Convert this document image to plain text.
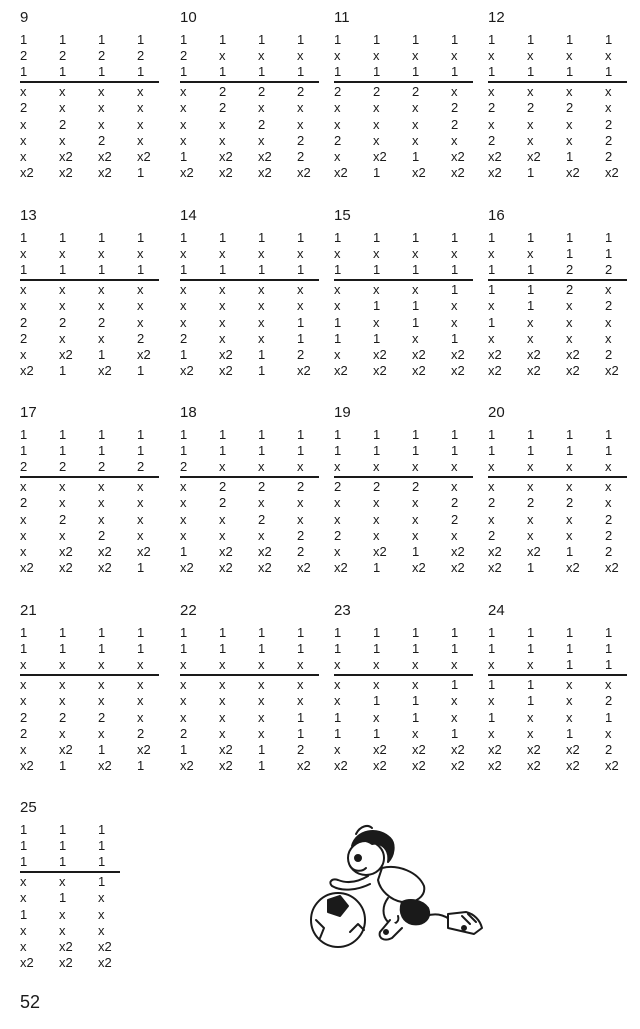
9
1	1	1	1
2	2	2	2
1	1	1	1
x	x	x	x
2	x	x	x
x	2	x	x
x	x	2	x
x	x2	x2	x2
x2	x2	x2	1
10
1	1	1	1
2	x	x	x
1	1	1	1
x	2	2	2
x	2	x	x
x	x	2	x
x	x	x	2
1	x2	x2	2
x2	x2	x2	x2
11
1	1	1	1
x	x	x	x
1	1	1	1
2	2	2	x
x	x	x	2
x	x	x	2
2	x	x	x
x	x2	1	x2
x2	1	x2	x2
12
1	1	1	1
x	x	x	x
1	1	1	1
x	x	x	x
2	2	2	x
x	x	x	2
2	x	x	2
x2	x2	1	2
x2	1	x2	x2
13
1	1	1	1
x	x	x	x
1	1	1	1
x	x	x	x
x	x	x	x
2	2	2	x
2	x	x	2
x	x2	1	x2
x2	1	x2	1
14
1	1	1	1
x	x	x	x
1	1	1	1
x	x	x	x
x	x	x	x
x	x	x	1
2	x	x	1
1	x2	1	2
x2	x2	1	x2
15
1	1	1	1
x	x	x	x
1	1	1	1
x	x	x	1
x	1	1	x
1	x	1	x
1	1	x	1
x	x2	x2	x2
x2	x2	x2	x2
16
1	1	1	1
x	x	1	1
1	1	2	2
1	1	2	x
x	1	x	2
1	x	x	x
x	x	x	x
x2	x2	x2	2
x2	x2	x2	x2
17
1	1	1	1
1	1	1	1
2	2	2	2
x	x	x	x
2	x	x	x
x	2	x	x
x	x	2	x
x	x2	x2	x2
x2	x2	x2	1
18
1	1	1	1
1	1	1	1
2	x	x	x
x	2	2	2
x	2	x	x
x	x	2	x
x	x	x	2
1	x2	x2	2
x2	x2	x2	x2
19
1	1	1	1
1	1	1	1
x	x	x	x
2	2	2	x
x	x	x	2
x	x	x	2
2	x	x	x
x	x2	1	x2
x2	1	x2	x2
20
1	1	1	1
1	1	1	1
x	x	x	x
x	x	x	x
2	2	2	x
x	x	x	2
2	x	x	2
x2	x2	1	2
x2	1	x2	x2
21
1	1	1	1
1	1	1	1
x	x	x	x
x	x	x	x
x	x	x	x
2	2	2	x
2	x	x	2
x	x2	1	x2
x2	1	x2	1
22
1	1	1	1
1	1	1	1
x	x	x	x
x	x	x	x
x	x	x	x
x	x	x	1
2	x	x	1
1	x2	1	2
x2	x2	1	x2
23
1	1	1	1
1	1	1	1
x	x	x	x
x	x	x	1
x	1	1	x
1	x	1	x
1	1	x	1
x	x2	x2	x2
x2	x2	x2	x2
24
1	1	1	1
1	1	1	1
x	x	1	1
1	1	x	x
x	1	x	2
1	x	x	1
x	x	1	x
x2	x2	x2	2
x2	x2	x2	x2
25
1	1	1
1	1	1
1	1	1
x	x	1
x	1	x
1	x	x
x	x	x
x	x2	x2
x2	x2	x2
52
